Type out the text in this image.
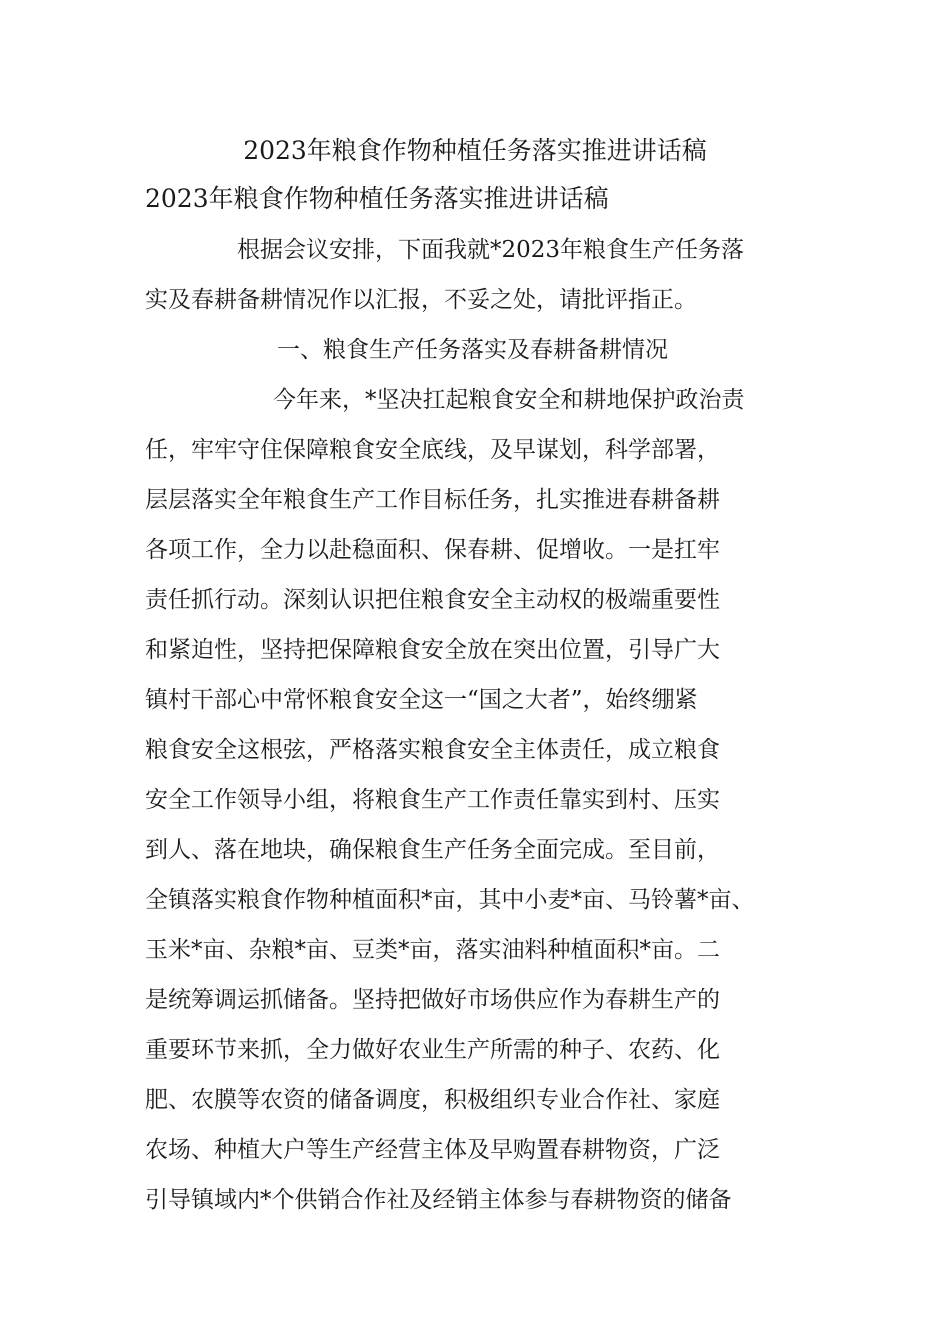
2023年粮食作物种植任务落实推进讲话稿
2023年粮食作物种植任务落实推进讲话稿
根据会议安排，下面我就*2023年粮食生产任务落
实及春耕备耕情况作以汇报，不妥之处，请批评指正。
一、粮食生产任务落实及春耕备耕情况
今年来，*坚决扛起粮食安全和耕地保护政治责
任，牢牢守住保障粮食安全底线，及早谋划，科学部署，
层层落实全年粮食生产工作目标任务，扎实推进春耕备耕
各项工作，全力以赴稳面积、保春耕、促增收。一是扛牢
责任抓行动。深刻认识把住粮食安全主动权的极端重要性
和紧迫性，坚持把保障粮食安全放在突出位置，引导广大
镇村干部心中常怀粮食安全这一“国之大者”，始终绷紧
粮食安全这根弦，严格落实粮食安全主体责任，成立粮食
安全工作领导小组，将粮食生产工作责任靠实到村、压实
到人、落在地块，确保粮食生产任务全面完成。至目前，
全镇落实粮食作物种植面积*亩，其中小麦*亩、马铃薯*亩、
玉米*亩、杂粮*亩、豆类*亩，落实油料种植面积*亩。二
是统筹调运抓储备。坚持把做好市场供应作为春耕生产的
重要环节来抓，全力做好农业生产所需的种子、农药、化
肥、农膜等农资的储备调度，积极组织专业合作社、家庭
农场、种植大户等生产经营主体及早购置春耕物资，广泛
引导镇域内*个供销合作社及经销主体参与春耕物资的储备
